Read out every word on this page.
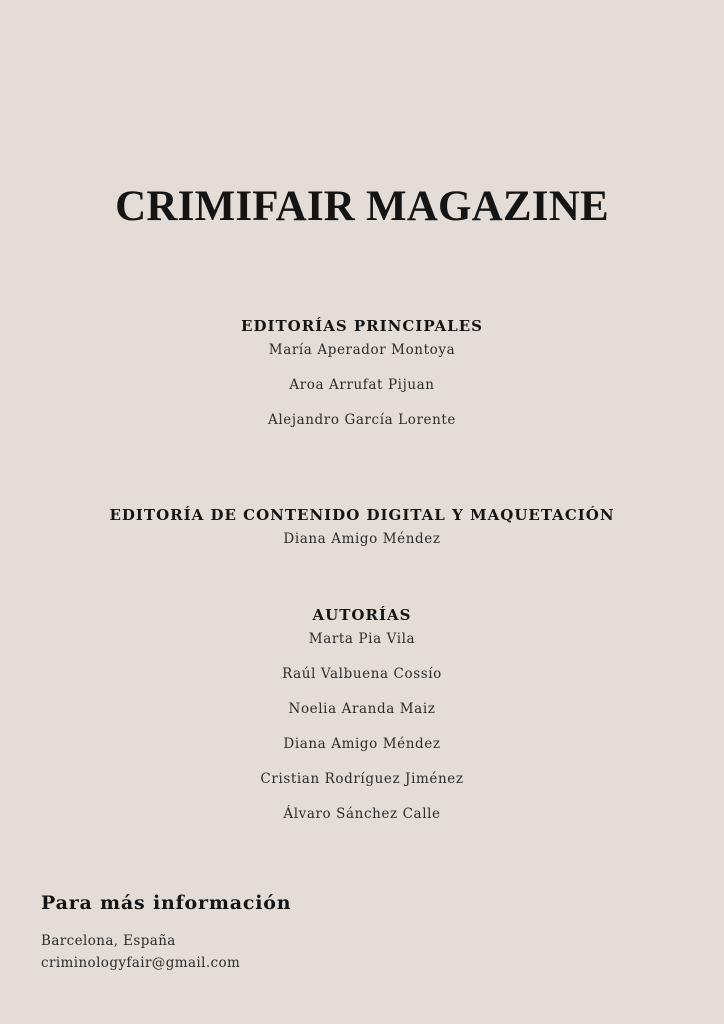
CRIMIFAIR MAGAZINE
EDITORÍAS PRINCIPALES
María Aperador Montoya
Aroa Arrufat Pijuan
Alejandro García Lorente
EDITORÍA DE CONTENIDO DIGITAL Y MAQUETACIÓN
Diana Amigo Méndez
AUTORÍAS
Marta Pia Vila
Raúl Valbuena Cossío
Noelia Aranda Maiz
Diana Amigo Méndez
Cristian Rodríguez Jiménez
Álvaro Sánchez Calle
Para más información
Barcelona, España
criminologyfair@gmail.com
